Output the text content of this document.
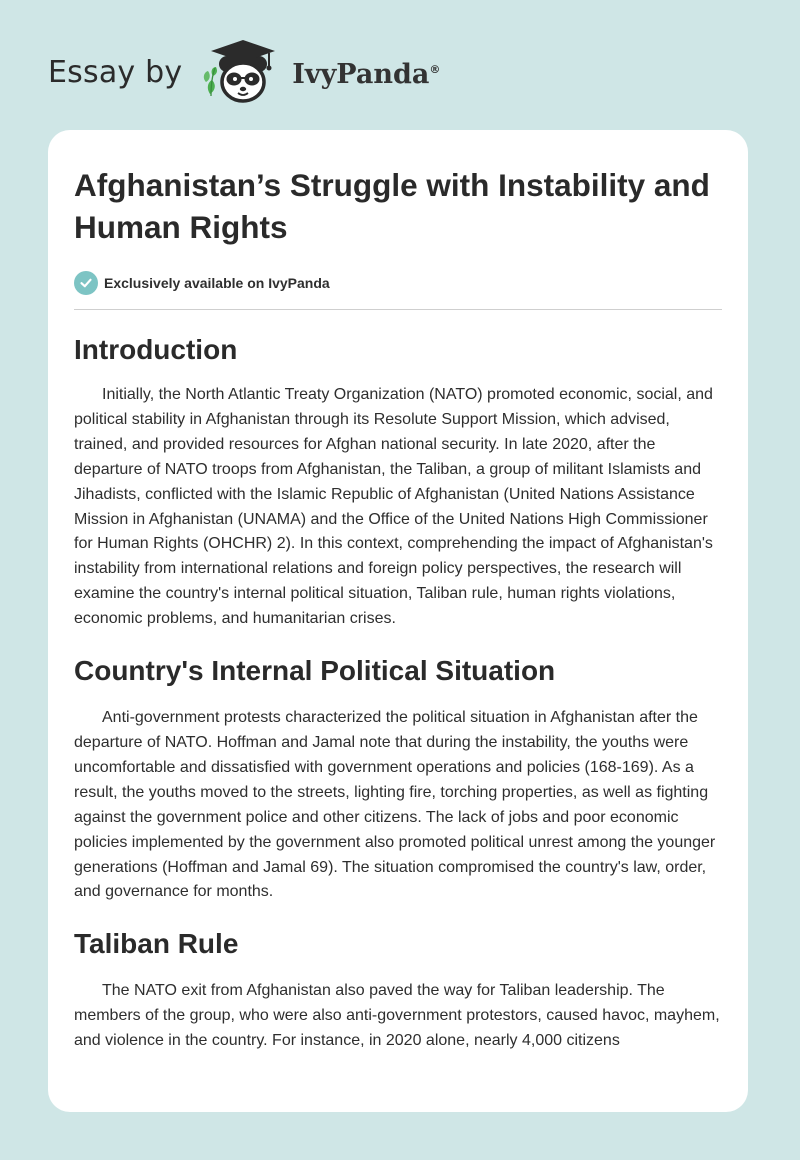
Essay by	IvyPanda®
Afghanistan’s Struggle with Instability and Human Rights
Exclusively available on IvyPanda
Introduction

Initially, the North Atlantic Treaty Organization (NATO) promoted economic, social, and political stability in Afghanistan through its Resolute Support Mission, which advised, trained, and provided resources for Afghan national security. In late 2020, after the departure of NATO troops from Afghanistan, the Taliban, a group of militant Islamists and Jihadists, conflicted with the Islamic Republic of Afghanistan (United Nations Assistance Mission in Afghanistan (UNAMA) and the Office of the United Nations High Commissioner for Human Rights (OHCHR) 2). In this context, comprehending the impact of Afghanistan's instability from international relations and foreign policy perspectives, the research will examine the country's internal political situation, Taliban rule, human rights violations, economic problems, and humanitarian crises.

Country's Internal Political Situation

Anti-government protests characterized the political situation in Afghanistan after the departure of NATO. Hoffman and Jamal note that during the instability, the youths were uncomfortable and dissatisfied with government operations and policies (168-169). As a result, the youths moved to the streets, lighting fire, torching properties, as well as fighting against the government police and other citizens. The lack of jobs and poor economic policies implemented by the government also promoted political unrest among the younger generations (Hoffman and Jamal 69). The situation compromised the country's law, order, and governance for months.

Taliban Rule

The NATO exit from Afghanistan also paved the way for Taliban leadership. The members of the group, who were also anti-government protestors, caused havoc, mayhem, and violence in the country. For instance, in 2020 alone, nearly 4,000 citizens
